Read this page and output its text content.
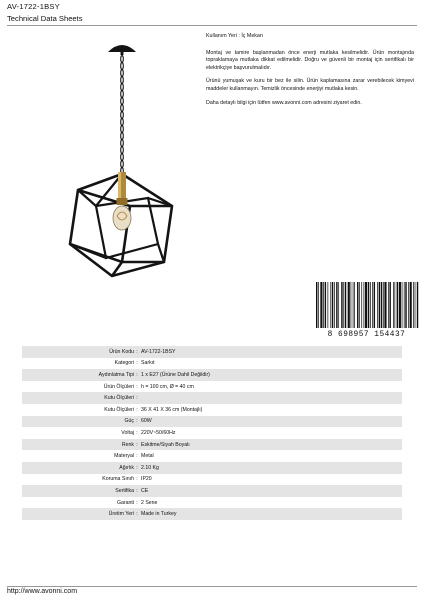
AV-1722-1BSY
Technical Data Sheets

Kullanım Yeri : İç Mekan

Montaj ve tamire başlanmadan önce enerji mutlaka kesilmelidir. Ürün montajında topraklamaya mutlaka dikkat edilmelidir. Doğru ve güvenli bir montaj için sertifikalı bir elektrikçiye başvurulmalıdır.

Ürünü yumuşak ve kuru bir bez ile silin. Ürün kaplamasına zarar verebilecek kimyevi maddeler kullanmayın. Temizlik öncesinde enerjiyi mutlaka kesin.

Daha detaylı bilgi için lütfen www.avonni.com adresini ziyaret edin.

8 698957 154437
Ürün Kodu : AV-1722-1BSY
Kategori : Sarkıt
Aydınlatma Tipi : 1 x E27 (Ürüne Dahil Değildir)
Ürün Ölçüleri : h = 100 cm, Ø = 40 cm
Kutu Ölçüleri :
Kutu Ölçüleri : 36 X 41 X 36 cm (Montajlı)
Güç : 60W
Voltaj : 220V~50/60Hz
Renk : Eskitme/Siyah Boyalı
Materyal : Metal
Ağırlık : 2.10 Kg
Koruma Sınıfı : IP20
Sertifika : CE
Garanti : 2 Sene
Üretim Yeri : Made in Turkey
http://www.avonni.com
